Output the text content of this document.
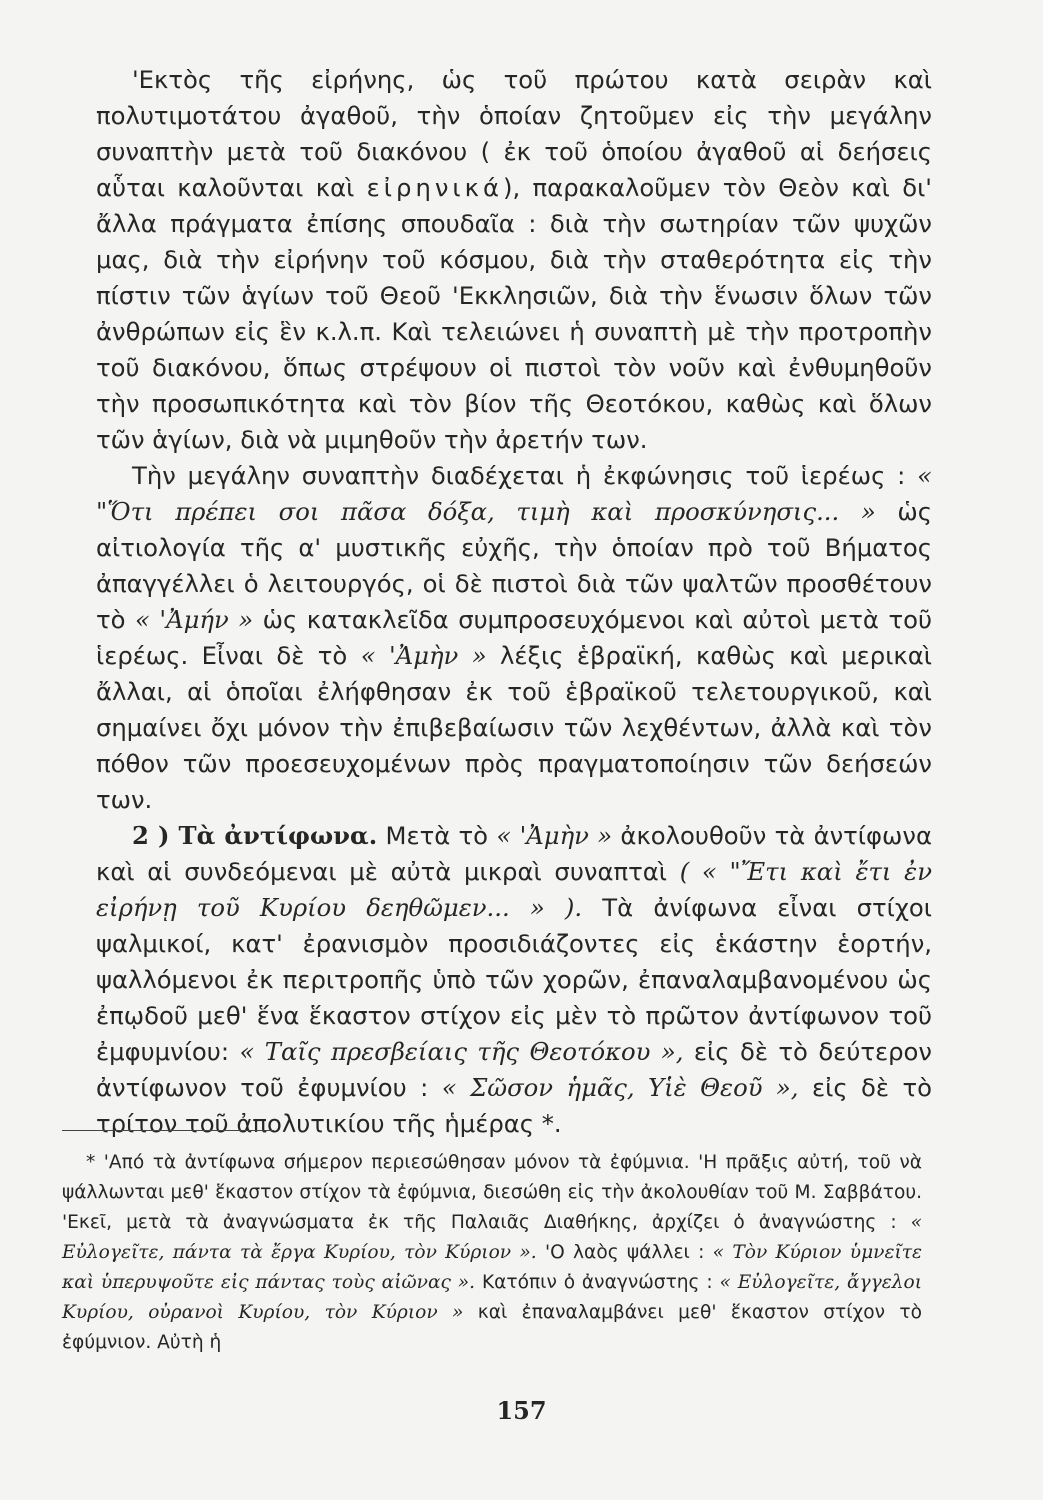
'Εκτὸς τῆς εἰρήνης, ὡς τοῦ πρώτου κατὰ σειρὰν καὶ πολυτιμοτάτου ἀγαθοῦ, τὴν ὁποίαν ζητοῦμεν εἰς τὴν μεγάλην συναπτὴν μετὰ τοῦ διακόνου ( ἐκ τοῦ ὁποίου ἀγαθοῦ αἱ δεήσεις αὗται καλοῦνται καὶ εἰρηνικά), παρακαλοῦμεν τὸν Θεὸν καὶ δι' ἄλλα πράγματα ἐπίσης σπουδαῖα : διὰ τὴν σωτηρίαν τῶν ψυχῶν μας, διὰ τὴν εἰρήνην τοῦ κόσμου, διὰ τὴν σταθερότητα εἰς τὴν πίστιν τῶν ἁγίων τοῦ Θεοῦ 'Εκκλησιῶν, διὰ τὴν ἕνωσιν ὅλων τῶν ἀνθρώπων εἰς ἓν κ.λ.π. Καὶ τελειώνει ἡ συναπτὴ μὲ τὴν προτροπὴν τοῦ διακόνου, ὅπως στρέψουν οἱ πιστοὶ τὸν νοῦν καὶ ἐνθυμηθοῦν τὴν προσωπικότητα καὶ τὸν βίον τῆς Θεοτόκου, καθὼς καὶ ὅλων τῶν ἁγίων, διὰ νὰ μιμηθοῦν τὴν ἀρετήν των.

Τὴν μεγάλην συναπτὴν διαδέχεται ἡ ἐκφώνησις τοῦ ἱερέως : « "Ὅτι πρέπει σοι πᾶσα δόξα, τιμὴ καὶ προσκύνησις... » ὡς αἰτιολογία τῆς α' μυστικῆς εὐχῆς, τὴν ὁποίαν πρὸ τοῦ Βήματος ἀπαγγέλλει ὁ λειτουργός, οἱ δὲ πιστοὶ διὰ τῶν ψαλτῶν προσθέτουν τὸ « 'Ἀμήν » ὡς κατακλεῖδα συμπροσευχόμενοι καὶ αὐτοὶ μετὰ τοῦ ἱερέως. Εἶναι δὲ τὸ « 'Ἀμὴν » λέξις ἑβραϊκή, καθὼς καὶ μερικαὶ ἄλλαι, αἱ ὁποῖαι ἐλήφθησαν ἐκ τοῦ ἑβραϊκοῦ τελετουργικοῦ, καὶ σημαίνει ὄχι μόνον τὴν ἐπιβεβαίωσιν τῶν λεχθέντων, ἀλλὰ καὶ τὸν πόθον τῶν προεσευχομένων πρὸς πραγματοποίησιν τῶν δεήσεών των.

2 ) Τὰ ἀντίφωνα. Μετὰ τὸ « 'Ἀμὴν » ἀκολουθοῦν τὰ ἀντίφωνα καὶ αἱ συνδεόμεναι μὲ αὐτὰ μικραὶ συναπταὶ ( « "Ἔτι καὶ ἔτι ἐν εἰρήνῃ τοῦ Κυρίου δεηθῶμεν... » ). Τὰ ἀνίφωνα εἶναι στίχοι ψαλμικοί, κατ' ἐρανισμὸν προσιδιάζοντες εἰς ἑκάστην ἑορτήν, ψαλλόμενοι ἐκ περιτροπῆς ὑπὸ τῶν χορῶν, ἐπαναλαμβανομένου ὡς ἐπῳδοῦ μεθ' ἕνα ἕκαστον στίχον εἰς μὲν τὸ πρῶτον ἀντίφωνον τοῦ ἐμφυμνίου: « Ταῖς πρεσβείαις τῆς Θεοτόκου », εἰς δὲ τὸ δεύτερον ἀντίφωνον τοῦ ἐφυμνίου : « Σῶσον ἡμᾶς, Υἱὲ Θεοῦ », εἰς δὲ τὸ τρίτον τοῦ ἀπολυτικίου τῆς ἡμέρας *.

* 'Από τὰ ἀντίφωνα σήμερον περιεσώθησαν μόνον τὰ ἐφύμνια. 'Η πρᾶξις αὐτή, τοῦ νὰ ψάλλωνται μεθ' ἕκαστον στίχον τὰ ἐφύμνια, διεσώθη εἰς τὴν ἀκολουθίαν τοῦ Μ. Σαββάτου. 'Εκεῖ, μετὰ τὰ ἀναγνώσματα ἐκ τῆς Παλαιᾶς Διαθήκης, ἀρχίζει ὁ ἀναγνώστης : « Εὐλογεῖτε, πάντα τὰ ἔργα Κυρίου, τὸν Κύριον ». 'Ο λαὸς ψάλλει : « Τὸν Κύριον ὑμνεῖτε καὶ ὑπερυψοῦτε εἰς πάντας τοὺς αἰῶνας ». Κατόπιν ὁ ἀναγνώστης : « Εὐλογεῖτε, ἄγγελοι Κυρίου, οὐρανοὶ Κυρίου, τὸν Κύριον » καὶ ἐπαναλαμβάνει μεθ' ἕκαστον στίχον τὸ ἐφύμνιον. Αὐτὴ ἡ

157
